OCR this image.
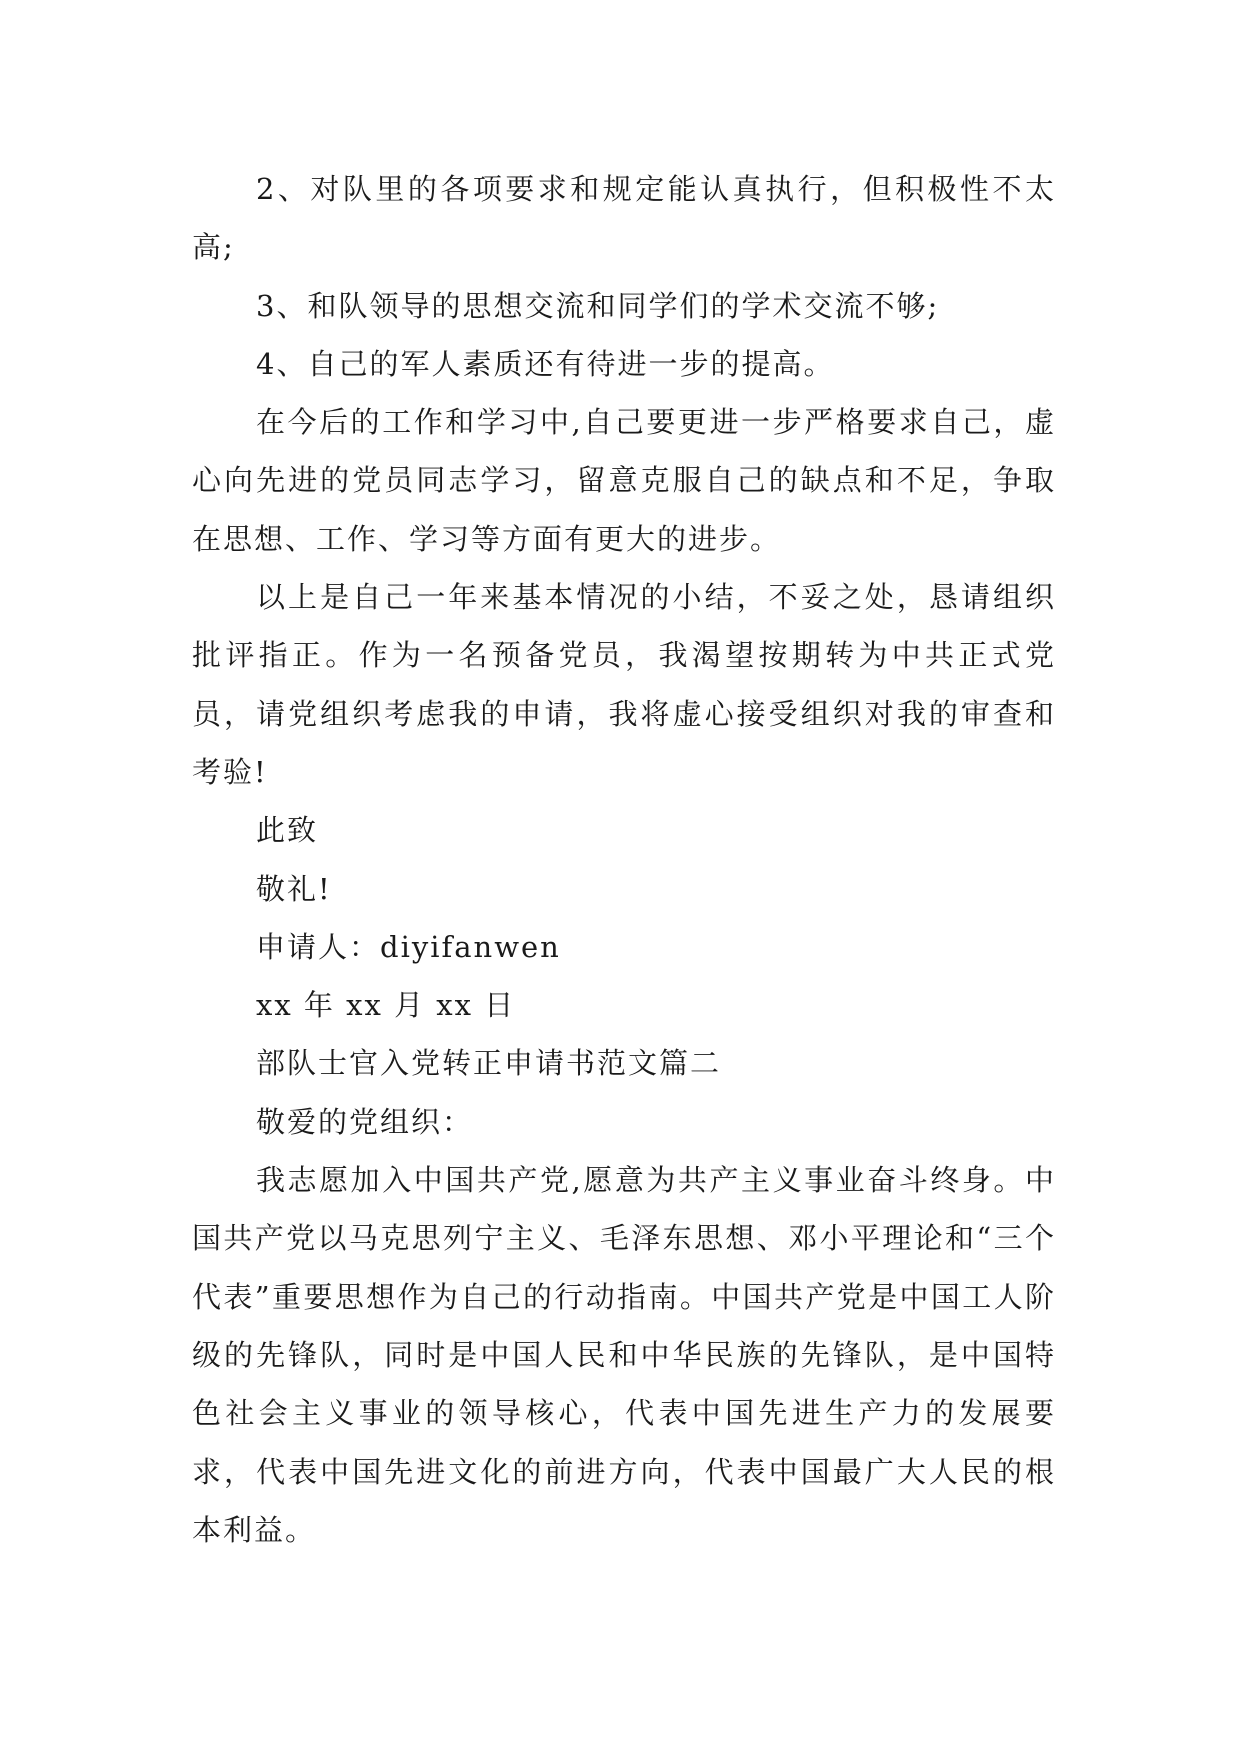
2、对队里的各项要求和规定能认真执行，但积极性不太高;

3、和队领导的思想交流和同学们的学术交流不够;

4、自己的军人素质还有待进一步的提高。

在今后的工作和学习中,自己要更进一步严格要求自己，虚心向先进的党员同志学习，留意克服自己的缺点和不足，争取在思想、工作、学习等方面有更大的进步。

以上是自己一年来基本情况的小结，不妥之处，恳请组织批评指正。作为一名预备党员，我渴望按期转为中共正式党员，请党组织考虑我的申请，我将虚心接受组织对我的审查和考验!

此致

敬礼!

申请人：diyifanwen

xx 年 xx 月 xx 日

部队士官入党转正申请书范文篇二

敬爱的党组织：

我志愿加入中国共产党,愿意为共产主义事业奋斗终身。中国共产党以马克思列宁主义、毛泽东思想、邓小平理论和“三个代表”重要思想作为自己的行动指南。中国共产党是中国工人阶级的先锋队，同时是中国人民和中华民族的先锋队，是中国特色社会主义事业的领导核心，代表中国先进生产力的发展要求，代表中国先进文化的前进方向，代表中国最广大人民的根本利益。
